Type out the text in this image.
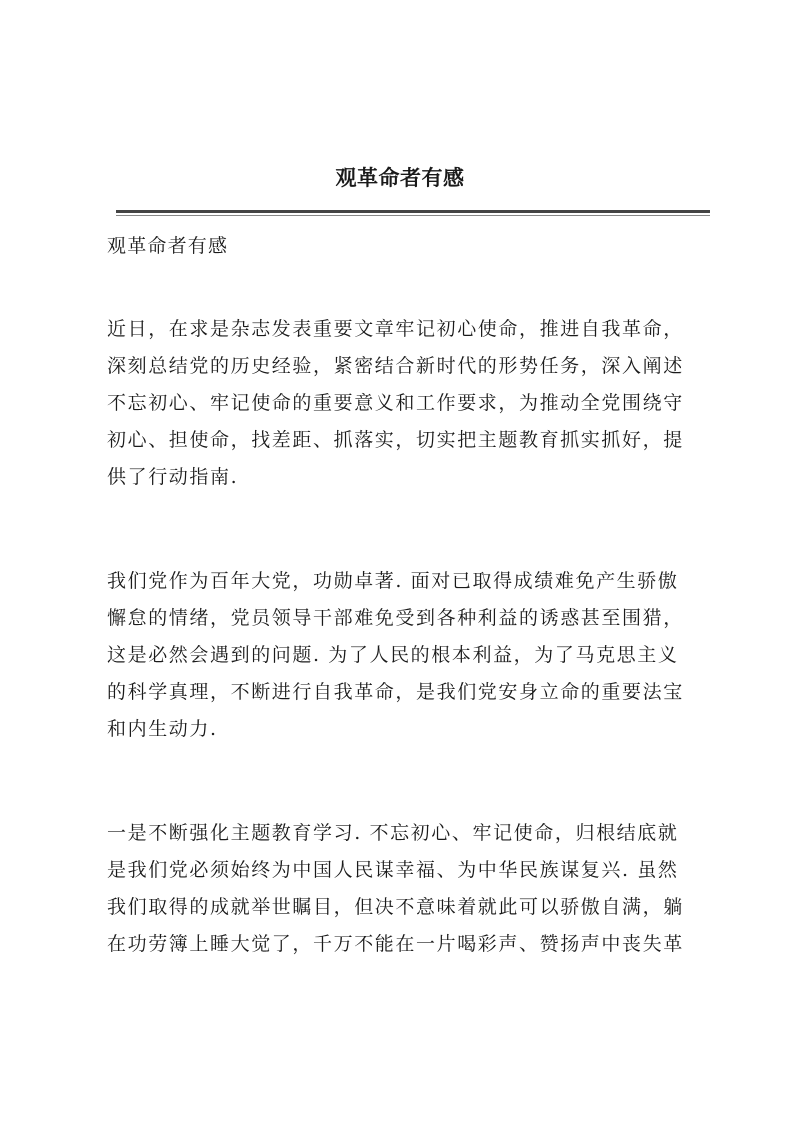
观革命者有感
观革命者有感
近日，在求是杂志发表重要文章牢记初心使命，推进自我革命，
深刻总结党的历史经验，紧密结合新时代的形势任务，深入阐述
不忘初心、牢记使命的重要意义和工作要求，为推动全党围绕守
初心、担使命，找差距、抓落实，切实把主题教育抓实抓好，提
供了行动指南.
我们党作为百年大党，功勋卓著. 面对已取得成绩难免产生骄傲
懈怠的情绪，党员领导干部难免受到各种利益的诱惑甚至围猎，
这是必然会遇到的问题. 为了人民的根本利益，为了马克思主义
的科学真理，不断进行自我革命，是我们党安身立命的重要法宝
和内生动力.
一是不断强化主题教育学习. 不忘初心、牢记使命，归根结底就
是我们党必须始终为中国人民谋幸福、为中华民族谋复兴. 虽然
我们取得的成就举世瞩目，但决不意味着就此可以骄傲自满，躺
在功劳簿上睡大觉了，千万不能在一片喝彩声、赞扬声中丧失革
